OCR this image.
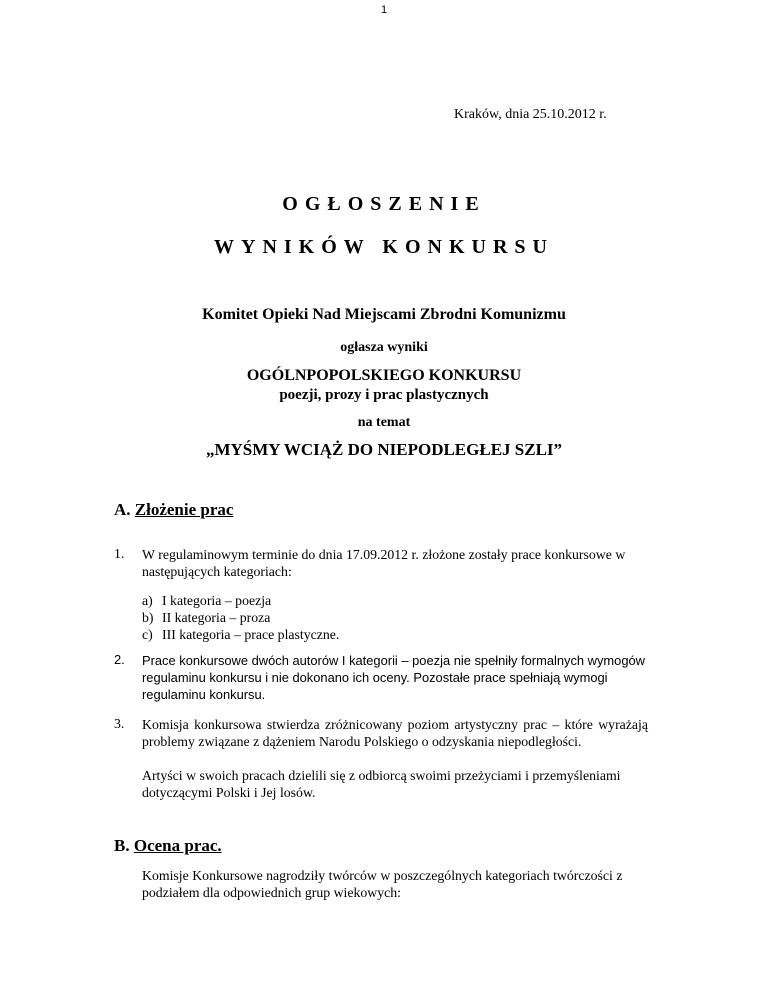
1
Kraków, dnia 25.10.2012 r.
OGŁOSZENIE
WYNIKÓW KONKURSU
Komitet Opieki Nad Miejscami Zbrodni Komunizmu
ogłasza wyniki
OGÓLNPOPOLSKIEGO KONKURSU
poezji, prozy i prac plastycznych
na temat
„MYŚMY WCIĄŻ DO NIEPODLEGŁEJ SZLI”
A. Złożenie prac
1. W regulaminowym terminie do dnia 17.09.2012 r. złożone zostały prace konkursowe w następujących kategoriach:
a) I kategoria – poezja
b) II kategoria – proza
c) III kategoria – prace plastyczne.
2. Prace konkursowe dwóch autorów I kategorii – poezja nie spełniły formalnych wymogów regulaminu konkursu i nie dokonano ich oceny. Pozostałe prace spełniają wymogi regulaminu konkursu.
3. Komisja konkursowa stwierdza zróżnicowany poziom artystyczny prac – które wyrażają problemy związane z dążeniem Narodu Polskiego o odzyskania niepodległości.
Artyści w swoich pracach dzielili się z odbiorcą swoimi przeżyciami i przemyśleniami dotyczącymi Polski i Jej losów.
B. Ocena prac.
Komisje Konkursowe nagrodziły twórców w poszczególnych kategoriach twórczości z podziałem dla odpowiednich grup wiekowych:
